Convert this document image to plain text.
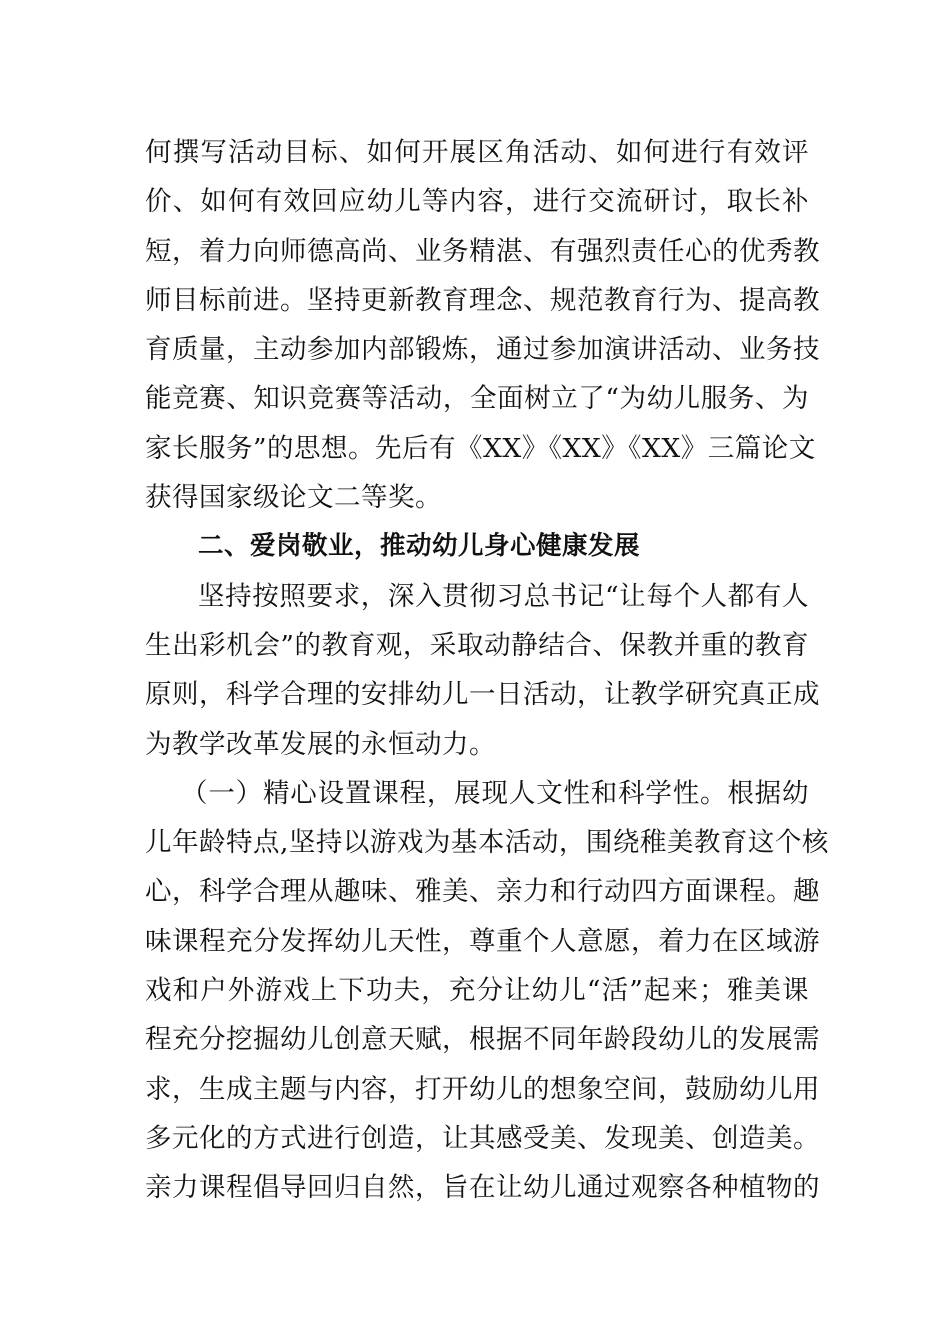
何撰写活动目标、如何开展区角活动、如何进行有效评
价、如何有效回应幼儿等内容，进行交流研讨，取长补
短，着力向师德高尚、业务精湛、有强烈责任心的优秀教
师目标前进。坚持更新教育理念、规范教育行为、提高教
育质量，主动参加内部锻炼，通过参加演讲活动、业务技
能竞赛、知识竞赛等活动，全面树立了“为幼儿服务、为
家长服务”的思想。先后有《XX》《XX》《XX》三篇论文
获得国家级论文二等奖。
二、爱岗敬业，推动幼儿身心健康发展
坚持按照要求，深入贯彻习总书记“让每个人都有人
生出彩机会”的教育观，采取动静结合、保教并重的教育
原则，科学合理的安排幼儿一日活动，让教学研究真正成
为教学改革发展的永恒动力。
（一）精心设置课程，展现人文性和科学性。根据幼
儿年龄特点,坚持以游戏为基本活动，围绕稚美教育这个核
心，科学合理从趣味、雅美、亲力和行动四方面课程。趣
味课程充分发挥幼儿天性，尊重个人意愿，着力在区域游
戏和户外游戏上下功夫，充分让幼儿“活”起来；雅美课
程充分挖掘幼儿创意天赋，根据不同年龄段幼儿的发展需
求，生成主题与内容，打开幼儿的想象空间，鼓励幼儿用
多元化的方式进行创造，让其感受美、发现美、创造美。
亲力课程倡导回归自然，旨在让幼儿通过观察各种植物的
